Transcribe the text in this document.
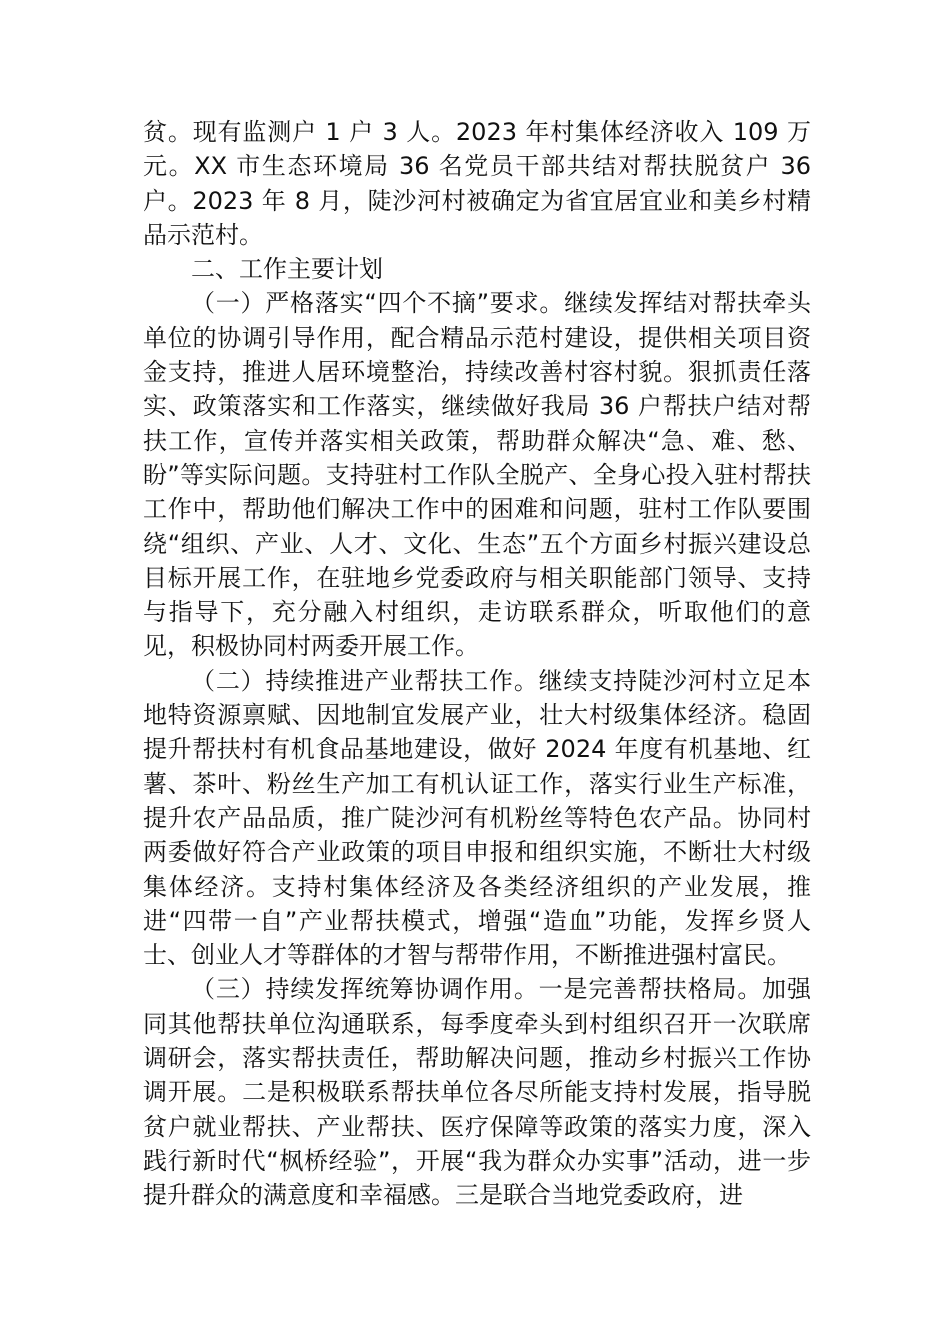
贫。现有监测户 1 户 3 人。2023 年村集体经济收入 109 万元。XX 市生态环境局 36 名党员干部共结对帮扶脱贫户 36 户。2023 年 8 月，陡沙河村被确定为省宜居宜业和美乡村精品示范村。

二、工作主要计划

（一）严格落实“四个不摘”要求。继续发挥结对帮扶牵头单位的协调引导作用，配合精品示范村建设，提供相关项目资金支持，推进人居环境整治，持续改善村容村貌。狠抓责任落实、政策落实和工作落实，继续做好我局 36 户帮扶户结对帮扶工作，宣传并落实相关政策，帮助群众解决“急、难、愁、盼”等实际问题。支持驻村工作队全脱产、全身心投入驻村帮扶工作中，帮助他们解决工作中的困难和问题，驻村工作队要围绕“组织、产业、人才、文化、生态”五个方面乡村振兴建设总目标开展工作，在驻地乡党委政府与相关职能部门领导、支持与指导下，充分融入村组织，走访联系群众，听取他们的意见，积极协同村两委开展工作。

（二）持续推进产业帮扶工作。继续支持陡沙河村立足本地特资源禀赋、因地制宜发展产业，壮大村级集体经济。稳固提升帮扶村有机食品基地建设，做好 2024 年度有机基地、红薯、茶叶、粉丝生产加工有机认证工作，落实行业生产标准，提升农产品品质，推广陡沙河有机粉丝等特色农产品。协同村两委做好符合产业政策的项目申报和组织实施，不断壮大村级集体经济。支持村集体经济及各类经济组织的产业发展，推进“四带一自”产业帮扶模式，增强“造血”功能，发挥乡贤人士、创业人才等群体的才智与帮带作用，不断推进强村富民。

（三）持续发挥统筹协调作用。一是完善帮扶格局。加强同其他帮扶单位沟通联系，每季度牵头到村组织召开一次联席调研会，落实帮扶责任，帮助解决问题，推动乡村振兴工作协调开展。二是积极联系帮扶单位各尽所能支持村发展，指导脱贫户就业帮扶、产业帮扶、医疗保障等政策的落实力度，深入践行新时代“枫桥经验”，开展“我为群众办实事”活动，进一步提升群众的满意度和幸福感。三是联合当地党委政府，进
